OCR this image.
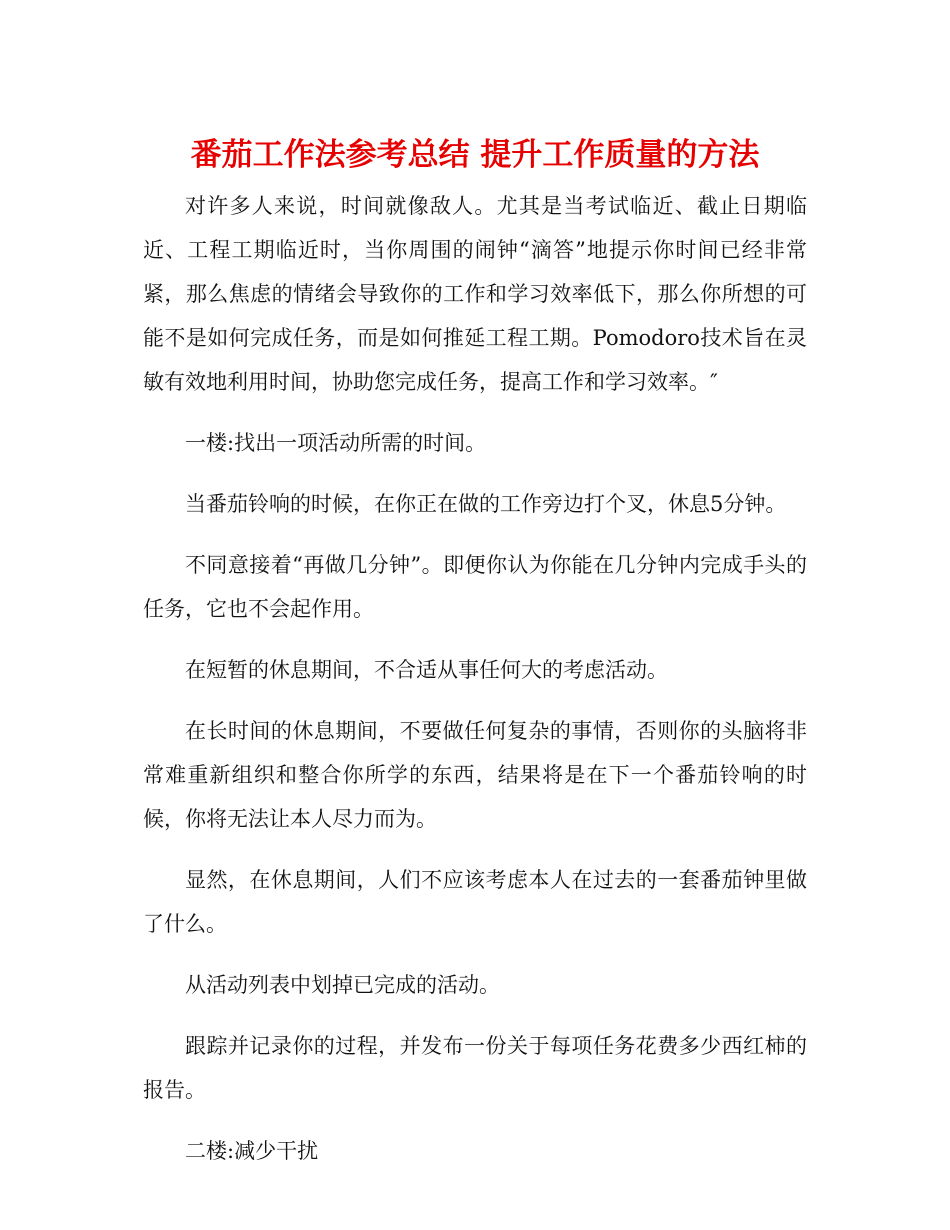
番茄工作法参考总结 提升工作质量的方法

对许多人来说，时间就像敌人。尤其是当考试临近、截止日期临近、工程工期临近时，当你周围的闹钟“滴答”地提示你时间已经非常紧，那么焦虑的情绪会导致你的工作和学习效率低下，那么你所想的可能不是如何完成任务，而是如何推延工程工期。Pomodoro技术旨在灵敏有效地利用时间，协助您完成任务，提高工作和学习效率。″

一楼:找出一项活动所需的时间。

当番茄铃响的时候，在你正在做的工作旁边打个叉，休息5分钟。

不同意接着“再做几分钟”。即便你认为你能在几分钟内完成手头的任务，它也不会起作用。

在短暂的休息期间，不合适从事任何大的考虑活动。

在长时间的休息期间，不要做任何复杂的事情，否则你的头脑将非常难重新组织和整合你所学的东西，结果将是在下一个番茄铃响的时候，你将无法让本人尽力而为。

显然，在休息期间，人们不应该考虑本人在过去的一套番茄钟里做了什么。

从活动列表中划掉已完成的活动。

跟踪并记录你的过程，并发布一份关于每项任务花费多少西红柿的报告。

二楼:减少干扰
